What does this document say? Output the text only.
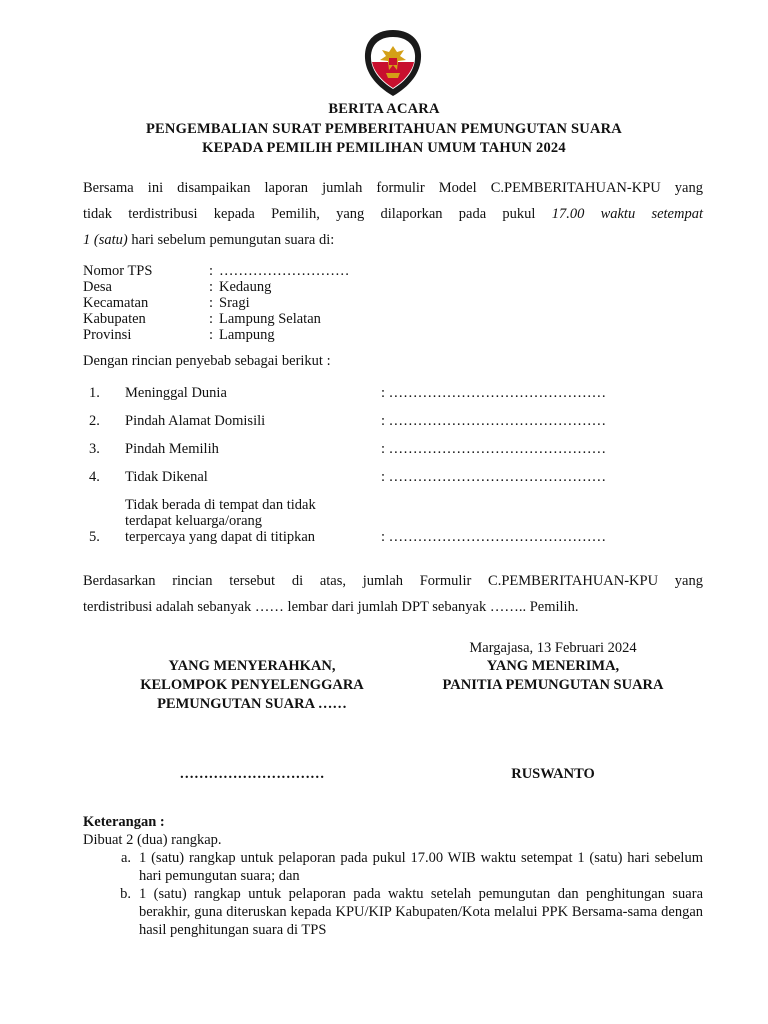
BERITA ACARA
PENGEMBALIAN SURAT PEMBERITAHUAN PEMUNGUTAN SUARA
KEPADA PEMILIH PEMILIHAN UMUM TAHUN 2024

Bersama ini disampaikan laporan jumlah formulir Model C.PEMBERITAHUAN-KPU yang

tidak terdistribusi kepada Pemilih, yang dilaporkan pada pukul 17.00 waktu setempat

1 (satu) hari sebelum pemungutan suara di:

Nomor TPS	: ………………………
Desa	: Kedaung
Kecamatan	: Sragi
Kabupaten	: Lampung Selatan
Provinsi	: Lampung
Dengan rincian penyebab sebagai berikut :
1.	Meninggal Dunia	: ………………………………………
2.	Pindah Alamat Domisili	: ………………………………………
3.	Pindah Memilih	: ………………………………………
4.	Tidak Dikenal	: ………………………………………
Tidak berada di tempat dan tidak
terdapat keluarga/orang
5.	terpercaya yang dapat di titipkan	: ………………………………………

Berdasarkan rincian tersebut di atas, jumlah Formulir C.PEMBERITAHUAN-KPU yang

terdistribusi adalah sebanyak …… lembar dari jumlah DPT sebanyak …….. Pemilih.

Margajasa, 13 Februari 2024
YANG MENYERAHKAN,
KELOMPOK PENYELENGGARA
PEMUNGUTAN SUARA ……
YANG MENERIMA,
PANITIA PEMUNGUTAN SUARA
…………………………	RUSWANTO
Keterangan :
Dibuat 2 (dua) rangkap.
a. 1 (satu) rangkap untuk pelaporan pada pukul 17.00 WIB waktu setempat 1 (satu) hari sebelum hari pemungutan suara; dan
b. 1 (satu) rangkap untuk pelaporan pada waktu setelah pemungutan dan penghitungan suara berakhir, guna diteruskan kepada KPU/KIP Kabupaten/Kota melalui PPK Bersama-sama dengan hasil penghitungan suara di TPS
